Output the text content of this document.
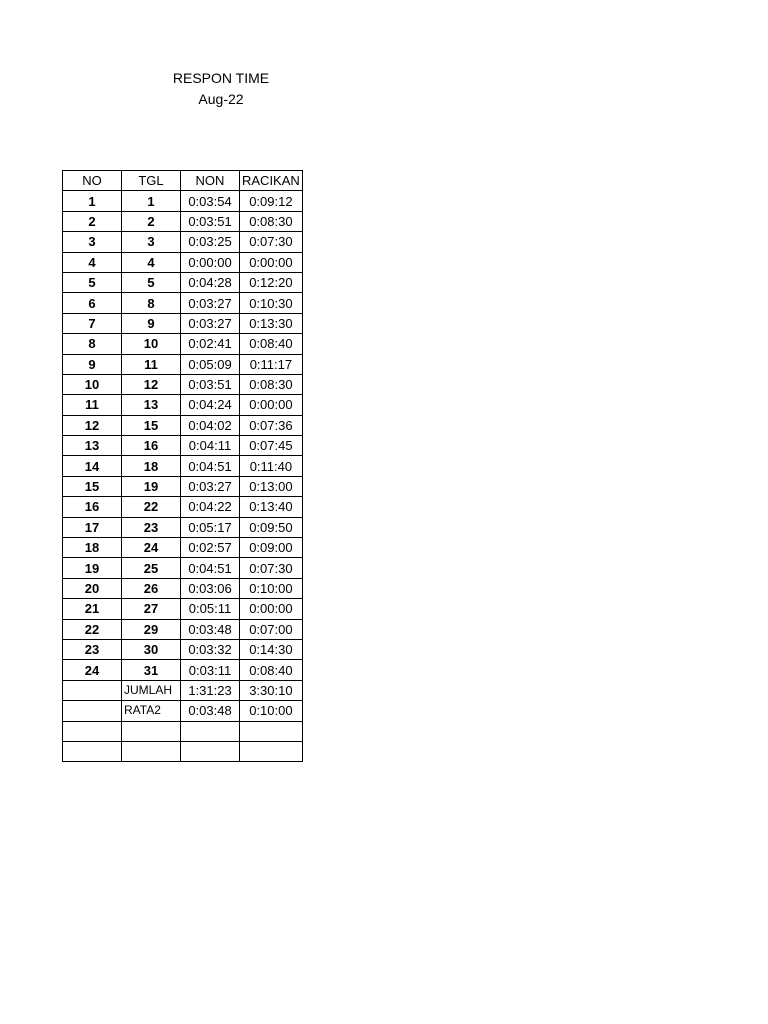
RESPON TIME
Aug-22
NO	TGL	NON	RACIKAN
1	1	0:03:54	0:09:12
2	2	0:03:51	0:08:30
3	3	0:03:25	0:07:30
4	4	0:00:00	0:00:00
5	5	0:04:28	0:12:20
6	8	0:03:27	0:10:30
7	9	0:03:27	0:13:30
8	10	0:02:41	0:08:40
9	11	0:05:09	0:11:17
10	12	0:03:51	0:08:30
11	13	0:04:24	0:00:00
12	15	0:04:02	0:07:36
13	16	0:04:11	0:07:45
14	18	0:04:51	0:11:40
15	19	0:03:27	0:13:00
16	22	0:04:22	0:13:40
17	23	0:05:17	0:09:50
18	24	0:02:57	0:09:00
19	25	0:04:51	0:07:30
20	26	0:03:06	0:10:00
21	27	0:05:11	0:00:00
22	29	0:03:48	0:07:00
23	30	0:03:32	0:14:30
24	31	0:03:11	0:08:40
	JUMLAH	1:31:23	3:30:10
	RATA2	0:03:48	0:10:00
